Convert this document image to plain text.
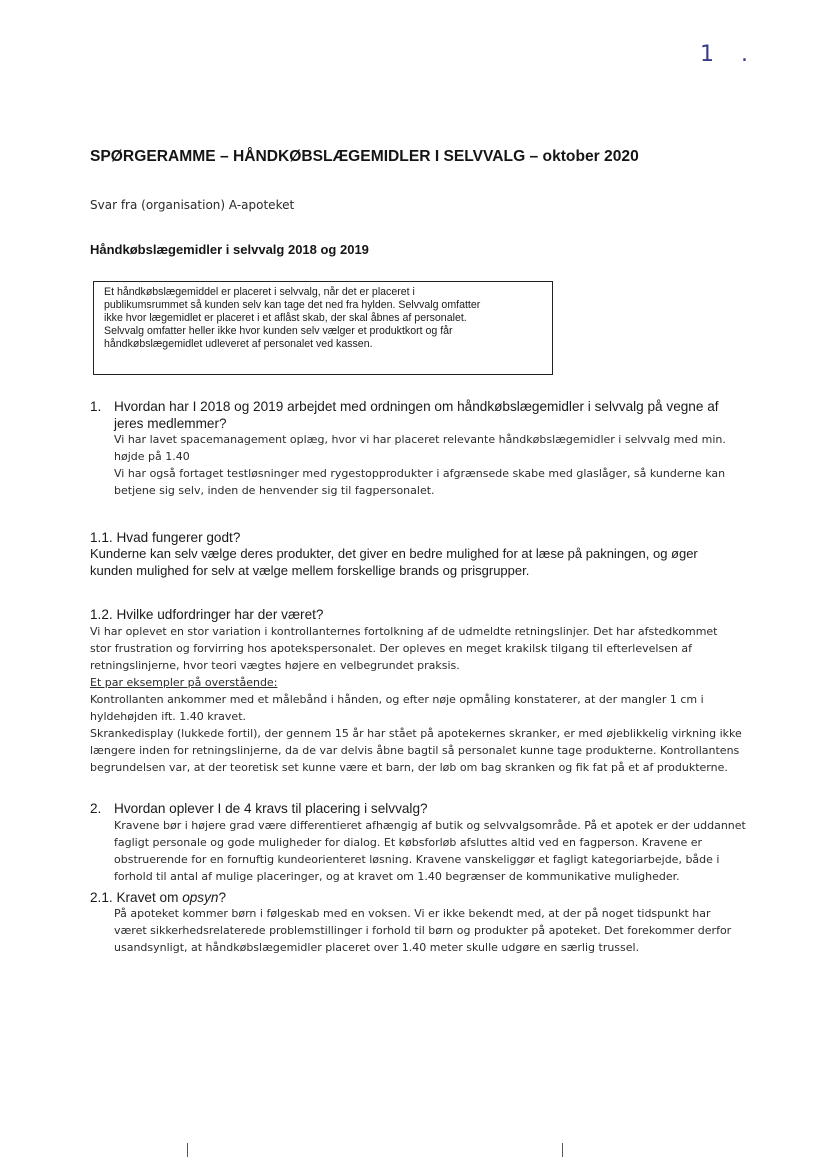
1 .
SPØRGERAMME – HÅNDKØBSLÆGEMIDLER I SELVVALG – oktober 2020
Svar fra (organisation) A-apoteket
Håndkøbslægemidler i selvvalg 2018 og 2019
Et håndkøbslægemiddel er placeret i selvvalg, når det er placeret i
publikumsrummet så kunden selv kan tage det ned fra hylden. Selvvalg omfatter
ikke hvor lægemidlet er placeret i et aflåst skab, der skal åbnes af personalet.
Selvvalg omfatter heller ikke hvor kunden selv vælger et produktkort og får
håndkøbslægemidlet udleveret af personalet ved kassen.
1. Hvordan har I 2018 og 2019 arbejdet med ordningen om håndkøbslægemidler i selvvalg på vegne af
jeres medlemmer?
Vi har lavet spacemanagement oplæg, hvor vi har placeret relevante håndkøbslægemidler i selvvalg med min.
højde på 1.40
Vi har også fortaget testløsninger med rygestopprodukter i afgrænsede skabe med glaslåger, så kunderne kan
betjene sig selv, inden de henvender sig til fagpersonalet.
1.1. Hvad fungerer godt?
Kunderne kan selv vælge deres produkter, det giver en bedre mulighed for at læse på pakningen, og øger
kunden mulighed for selv at vælge mellem forskellige brands og prisgrupper.
1.2. Hvilke udfordringer har der været?
Vi har oplevet en stor variation i kontrollanternes fortolkning af de udmeldte retningslinjer. Det har afstedkommet
stor frustration og forvirring hos apotekspersonalet. Der opleves en meget krakilsk tilgang til efterlevelsen af
retningslinjerne, hvor teori vægtes højere en velbegrundet praksis.
Et par eksempler på overstående:
Kontrollanten ankommer med et målebånd i hånden, og efter nøje opmåling konstaterer, at der mangler 1 cm i
hyldehøjden ift. 1.40 kravet.
Skrankedisplay (lukkede fortil), der gennem 15 år har stået på apotekernes skranker, er med øjeblikkelig virkning ikke
længere inden for retningslinjerne, da de var delvis åbne bagtil så personalet kunne tage produkterne. Kontrollantens
begrundelsen var, at der teoretisk set kunne være et barn, der løb om bag skranken og fik fat på et af produkterne.
2. Hvordan oplever I de 4 kravs til placering i selvvalg?
Kravene bør i højere grad være differentieret afhængig af butik og selvvalgsområde. På et apotek er der uddannet
fagligt personale og gode muligheder for dialog. Et købsforløb afsluttes altid ved en fagperson. Kravene er
obstruerende for en fornuftig kundeorienteret løsning. Kravene vanskeliggør et fagligt kategoriarbejde, både i
forhold til antal af mulige placeringer, og at kravet om 1.40 begrænser de kommunikative muligheder.
2.1. Kravet om opsyn?
På apoteket kommer børn i følgeskab med en voksen. Vi er ikke bekendt med, at der på noget tidspunkt har
været sikkerhedsrelaterede problemstillinger i forhold til børn og produkter på apoteket. Det forekommer derfor
usandsynligt, at håndkøbslægemidler placeret over 1.40 meter skulle udgøre en særlig trussel.
